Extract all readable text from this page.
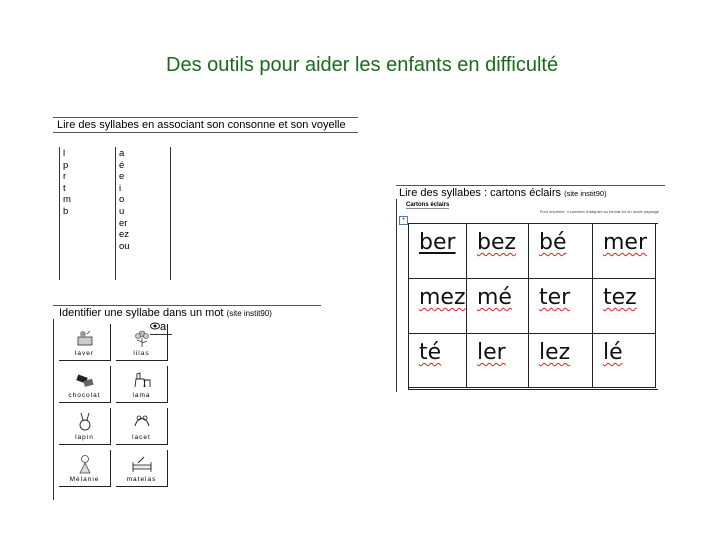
Des outils pour aider les enfants en difficulté
Lire des syllabes en associant son consonne et son voyelle
l
p
r
t
m
b
a
é
e
i
o
u
er
ez
ou
Identifier une syllabe dans un mot (site instit90)
a
laver	lilas
chocolat	lama
lapin	lacet
Mélanie	matelas
Lire des syllabes : cartons éclairs (site instit90)
Cartons éclairs
Pour imprimer, il convient d'adapter au format A4 en mode paysage
+
ber bez bé mer
mez mé ter tez
té ler lez lé
